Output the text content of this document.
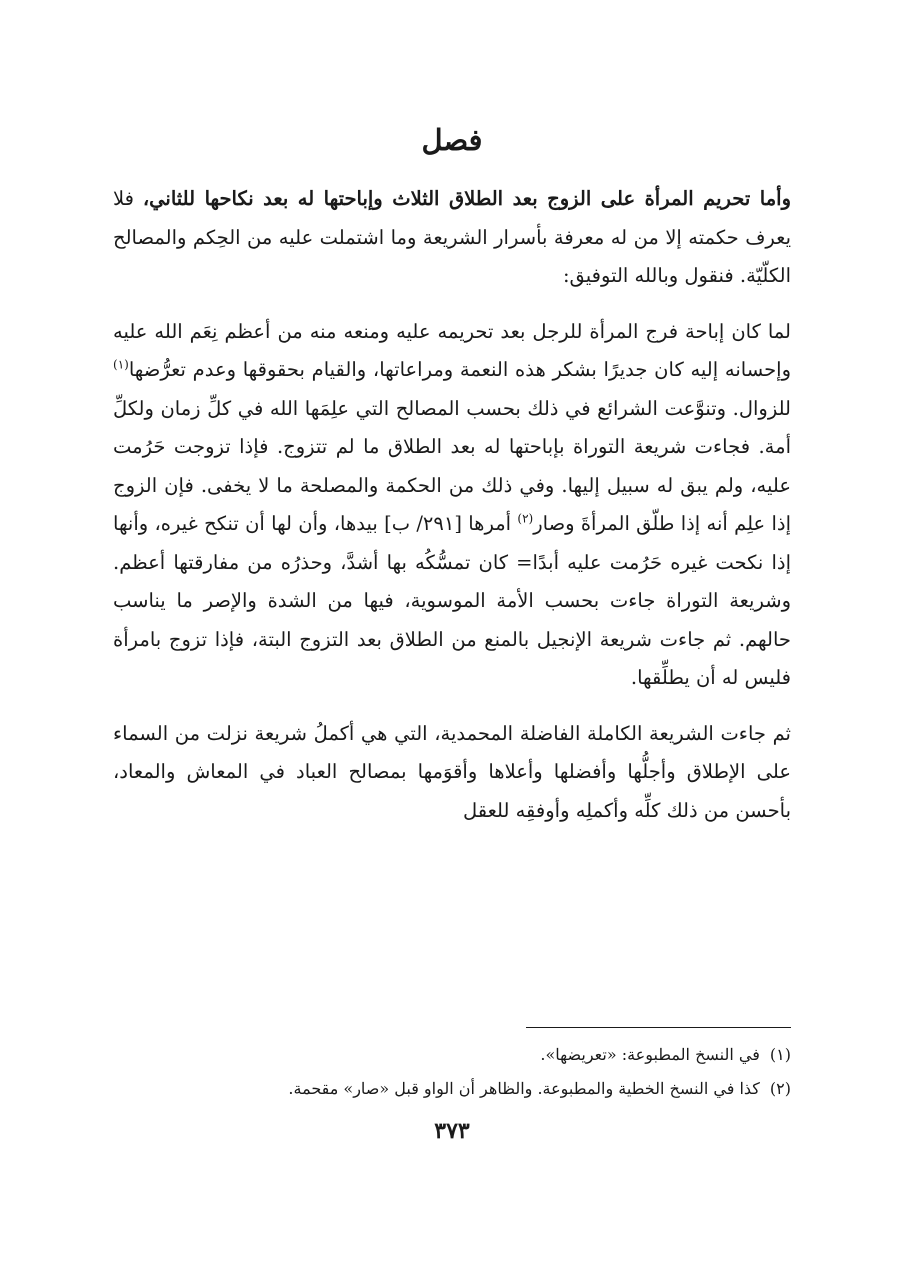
فصل

وأما تحريم المرأة على الزوج بعد الطلاق الثلاث وإباحتها له بعد نكاحها للثاني، فلا يعرف حكمته إلا من له معرفة بأسرار الشريعة وما اشتملت عليه من الحِكم والمصالح الكلّيّة. فنقول وبالله التوفيق:

لما كان إباحة فرج المرأة للرجل بعد تحريمه عليه ومنعه منه من أعظم نِعَم الله عليه وإحسانه إليه كان جديرًا بشكر هذه النعمة ومراعاتها، والقيام بحقوقها وعدم تعرُّضها$^{(١)}$ للزوال. وتنوَّعت الشرائع في ذلك بحسب المصالح التي علِمَها الله في كلِّ زمان ولكلِّ أمة. فجاءت شريعة التوراة بإباحتها له بعد الطلاق ما لم تتزوج. فإذا تزوجت حَرُمت عليه، ولم يبق له سبيل إليها. وفي ذلك من الحكمة والمصلحة ما لا يخفى. فإن الزوج إذا علِم أنه إذا طلّق المرأةَ وصار$^{(٢)}$ أمرها [٢٩١/ ب] بيدها، وأن لها أن تنكح غيره، وأنها إذا نكحت غيره حَرُمت عليه أبدًا= كان تمسُّكُه بها أشدَّ، وحذرُه من مفارقتها أعظم. وشريعة التوراة جاءت بحسب الأمة الموسوية، فيها من الشدة والإصر ما يناسب حالهم. ثم جاءت شريعة الإنجيل بالمنع من الطلاق بعد التزوج البتة، فإذا تزوج بامرأة فليس له أن يطلِّقها.

ثم جاءت الشريعة الكاملة الفاضلة المحمدية، التي هي أكملُ شريعة نزلت من السماء على الإطلاق وأجلُّها وأفضلها وأعلاها وأقوَمها بمصالح العباد في المعاش والمعاد، بأحسن من ذلك كلِّه وأكملِه وأوفقِه للعقل

(١)
في النسخ المطبوعة: «تعريضها».
(٢)
كذا في النسخ الخطية والمطبوعة. والظاهر أن الواو قبل «صار» مقحمة.
٣٧٣
